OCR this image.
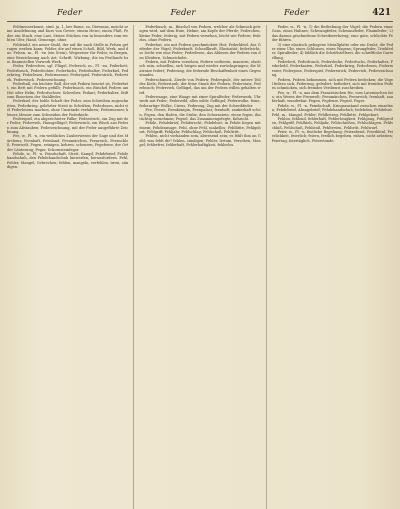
Feder	Feder	Feder	421

Feldmesserkunst, stml. ju, 1, ber Rome, so. Diewmus, meicht seine Ausdehnung und Kurs von Gewer, einem Hewo, einen Fluß, Feder, ein Stuck, eine Last, Steine Stücken von in besonders vom rechten Ufer, Hand, Gemenge, ohne.

Feldstuhl, ein neuer Stuhl, der auf die nach Stelle in Felsen getragen werben kann; Felder, die auf einen Schoß, Bild, Werk, und das. Felsen, m., Pl. -en (ein Stein), Wegweiser für Feder, in Bergen, eine Bezeichnung nach Art, Schrift, Wirkung, die im Festlande bzw. Baumstellen Vorwerk Werk.

Feder, Federchen, sgl. Flügel, Federsch, m., Pl. -en, Federbett, Federbusch, Federfechter, Federfuchs, Federhalter, Federkiel, Federkrieg, Federlesen, Federmesser, Federspiel, Federstrich, Federvieh, Federwisch, Federzeichnung.

Federball, ein leichter Ball, der mit Federn besetzt ist, Federbett, ein Bett mit Federn gefüllt; Federbusch, ein Büschel Federn am Hut oder Helm; Federfuchser, Schreiber, Pedant; Federhalter, Stift zum Einsetzen der Stahlfeder.

Federkiel, der hohle Schaft der Feder, zum Schreiben zugeschnitten; Federkrieg, gelehrter Streit in Schriften; Federlesen, nicht viel Federlesens machen, ohne Umstände verfahren; Federmesser, kleines Messer zum Schneiden der Federkiele.

Federspiel, ein abgerichteter Falke; Federstrich, ein Zug mit der Feder; Federvieh, Hausgeflügel; Federwisch, ein Wisch aus Federn zum Abstauben; Federzeichnung, mit der Feder ausgeführte Zeichnung.

Fee, w., Pl. -n, ein weibliches Zauberwesen der Sage und des Märchens; Feenhaft, Feenland, Feenmärchen, Feenreich, Feenschloß, Feenwelt. Fegen, reinigen, kehren, scheuern; Fegefeuer, der Ort der Läuterung; Feger, Schornsteinfeger.

Fehde, w., Pl. -n, Feindschaft, Streit, Kampf; Fehdebrief, Fehdehandschuh, den Fehdehandschuh hinwerfen, herausfordern. Fehl, Fehler, Mangel, Gebrechen; fehlen, mangeln, verfehlen, irren, sündigen.

Federbusch, m., Büschel von Federn, welcher als Schmuck getragen wird, auf dem Hute, Helme, am Kopfe der Pferde; Federchen, kleine Feder; federig, mit Federn versehen, leicht wie Federn; federlos, ohne Federn.

Federhut, ein mit Federn geschmückter Hut; Federkleid, das Gefieder der Vögel; Federkraft, Schnellkraft, Elastizität; federleicht, so leicht wie eine Feder; Federlesen, das Ablesen der Federn von den Kleidern, Schmeichelei.

Federn, mit Federn versehen, Federn verlieren, mausern; elastisch sein, schnellen, sich biegen und wieder zurückspringen; die Matratze federt; Federung, die federnde Beschaffenheit eines Gegenstandes.

Federschmuck, Zierde von Federn; Federspule, der untere Teil des Kiels; Federstaub, der feine Staub der Federn; Federstutz, Federbusch; Federvieh, Geflügel, das um der Federn willen gehalten wird.

Federwaage, eine Waage mit einer Spiralfeder; Federwerk, Uhrwerk mit Feder; Federwild, alles wilde Geflügel; Federwolke, feine, federartige Wolke, Cirrus; Federzug, Zug mit der Schreibfeder.

Fee, Feerei, Feenkönigin, Feenpalast; feenhaft, zauberhaft schön. Fegen, den Boden, die Stube, den Schornstein; einen fegen, ihn tüchtig vornehmen; Fegsel, das Zusammengefegte, Kehricht.

Fehde, Fehdebrief, Fehderecht, Fehdelust; in Fehde liegen mit einem; Fehdeansage. Fehl, ohne Fehl, makellos; Fehlbitte, Fehlgeburt, Fehlgriff, Fehljahr, Fehlschlag, Fehlschuß, Fehltritt.

Fehlen, nicht vorhanden sein, abwesend sein; es fehlt ihm an Geld; was fehlt dir? fehlen, sündigen; Fehler, Irrtum, Versehen, Mangel; fehlerfrei, fehlerhaft, Fehlerhaftigkeit, fehlerlos.

Feder, w., Pl. -n, 1) die Bedeckung der Vögel; die Federn einer Gans, eines Huhnes; Schwungfeder, Schwanzfeder, Flaumfeder; 2) das daraus geschnittene Schreibwerkzeug; eine gute, schlechte Feder führen.

3) eine elastisch gebogene Metallplatte oder ein Draht; die Feder einer Uhr, eines Schlosses, eines Wagens; Sprungfeder, Triebfeder, Spiralfeder; 4) bildlich die Schriftstellerei, die schriftliche Darstellung.

Federbett, Federbusch, Federdecke, Federfuchs, Federhalter, Federheld, Federkasten, Federkiel, Federkrieg, Federlesen, Federmesser, Federpose, Federspiel, Federstrich, Federvieh, Federzeichnung.

Federn, Federn bekommen, sich mit Federn bedecken; die Vögel federn sich; Federung; gefedert, befiedert; sich mit fremden Federn schmücken, sich fremdes Verdienst zuschreiben.

Fee, w., Pl. -n, aus dem Französischen fée, vom Lateinischen fata; ein Wesen der Feenwelt; Feenmärchen, Feenreich; feenhaft, zauberhaft, wunderbar. Fegen, Fegfeuer, Fegsel, Feger.

Fehde, w., Pl. -n, Feindschaft, Kriegszustand zwischen einzelnen; Fehdebrief, Absagebrief; Fehdehandschuh; befehden, Fehdelust. Fehl, m., Mangel, Fehler; Fehlbetrag, Fehlbitte, Fehlgeburt.

Fehlen, fehlend, fehlerhaft, Fehlerlosigkeit, Fehlgang, Fehlgreifen, Fehlgriff, Fehlhieb, Fehljahr, Fehlschießen, Fehlschlagen, Fehlschluß, Fehlschuß, Fehlstoß, Fehltreten, Fehltritt, Fehlwurf.

Feier, w., Pl. -n, festliche Begehung; Feierabend, Feierkleid, Feierlichkeit, feierlich; feiern, festlich begehen, ruhen, nicht arbeiten; Feiertag, feiertäglich, Feierstunde.
